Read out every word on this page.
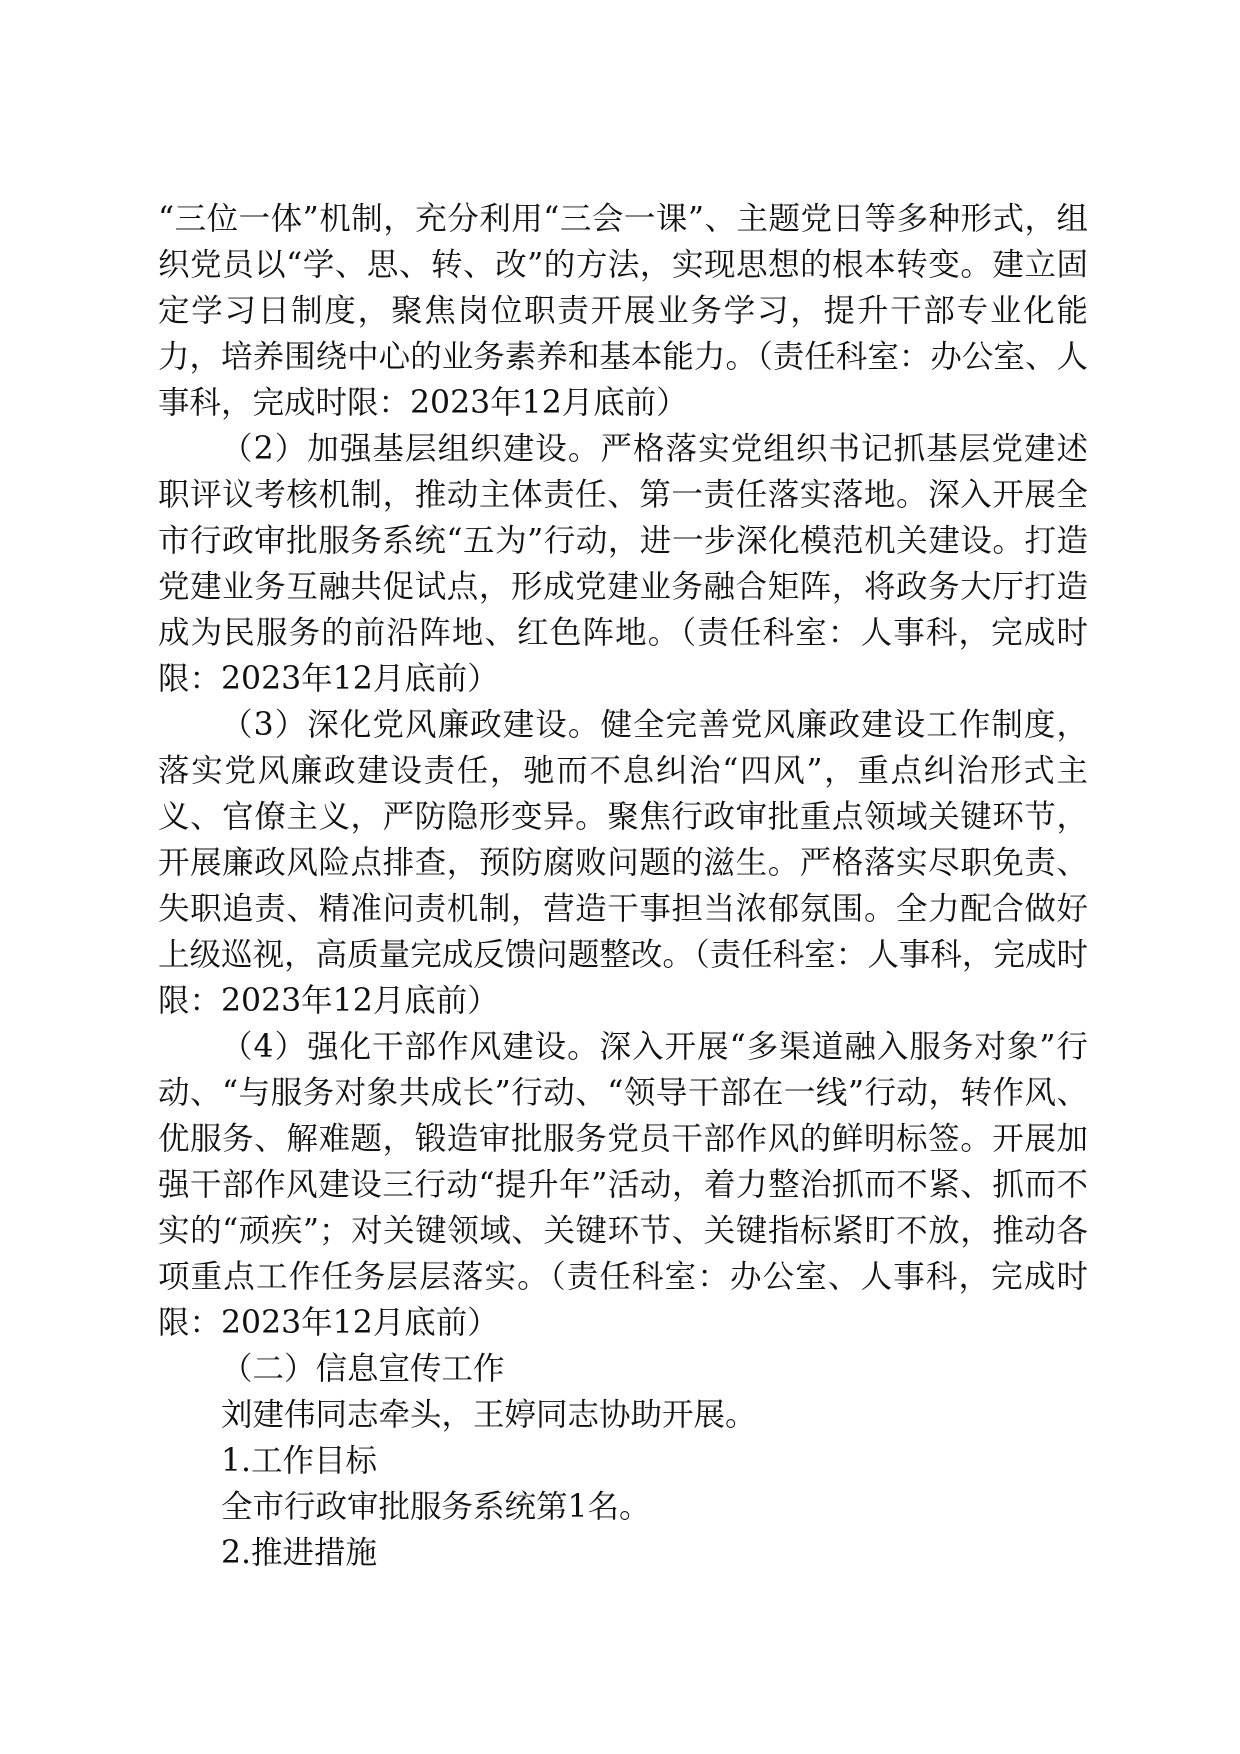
“三位一体”机制，充分利用“三会一课”、主题党日等多种形式，组织党员以“学、思、转、改”的方法，实现思想的根本转变。建立固定学习日制度，聚焦岗位职责开展业务学习，提升干部专业化能力，培养围绕中心的业务素养和基本能力。（责任科室：办公室、人事科，完成时限：2023年12月底前）

（2）加强基层组织建设。严格落实党组织书记抓基层党建述职评议考核机制，推动主体责任、第一责任落实落地。深入开展全市行政审批服务系统“五为”行动，进一步深化模范机关建设。打造党建业务互融共促试点，形成党建业务融合矩阵，将政务大厅打造成为民服务的前沿阵地、红色阵地。（责任科室：人事科，完成时限：2023年12月底前）

（3）深化党风廉政建设。健全完善党风廉政建设工作制度，落实党风廉政建设责任，驰而不息纠治“四风”，重点纠治形式主义、官僚主义，严防隐形变异。聚焦行政审批重点领域关键环节，开展廉政风险点排查，预防腐败问题的滋生。严格落实尽职免责、失职追责、精准问责机制，营造干事担当浓郁氛围。全力配合做好上级巡视，高质量完成反馈问题整改。（责任科室：人事科，完成时限：2023年12月底前）

（4）强化干部作风建设。深入开展“多渠道融入服务对象”行动、“与服务对象共成长”行动、“领导干部在一线”行动，转作风、优服务、解难题，锻造审批服务党员干部作风的鲜明标签。开展加强干部作风建设三行动“提升年”活动，着力整治抓而不紧、抓而不实的“顽疾”；对关键领域、关键环节、关键指标紧盯不放，推动各项重点工作任务层层落实。（责任科室：办公室、人事科，完成时限：2023年12月底前）

（二）信息宣传工作

刘建伟同志牵头，王婷同志协助开展。

1.工作目标

全市行政审批服务系统第1名。

2.推进措施
